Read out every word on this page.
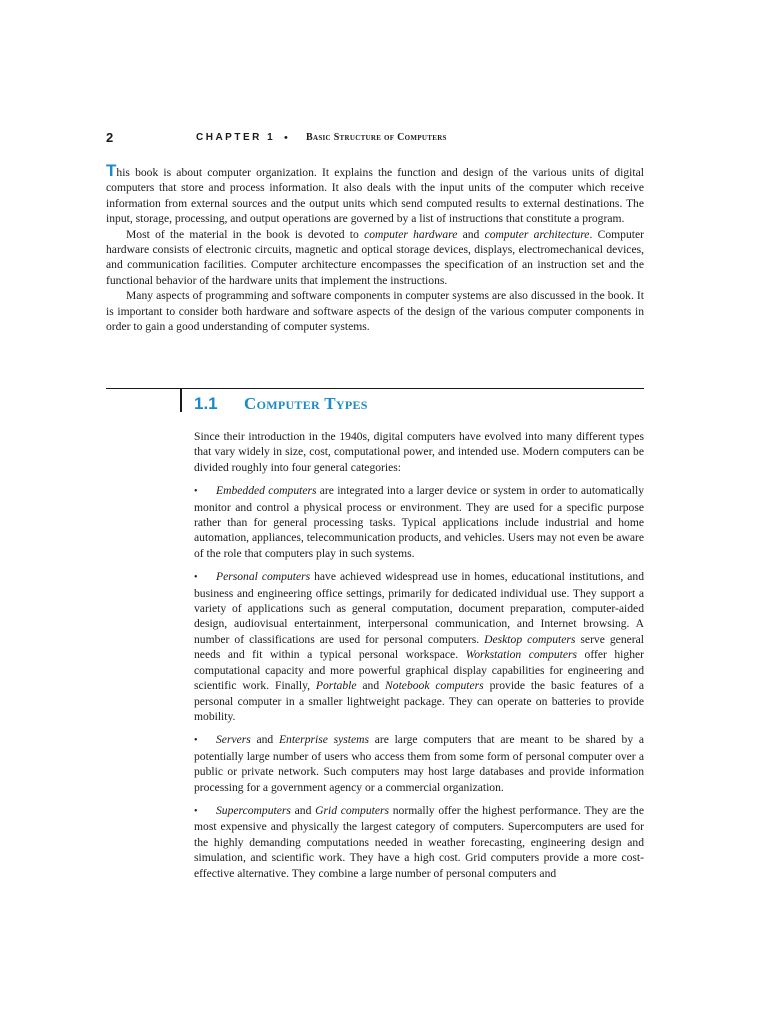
2	CHAPTER 1 • Basic Structure of Computers

This book is about computer organization. It explains the function and design of the various units of digital computers that store and process information. It also deals with the input units of the computer which receive information from external sources and the output units which send computed results to external destinations. The input, storage, processing, and output operations are governed by a list of instructions that constitute a program.

Most of the material in the book is devoted to computer hardware and computer architecture. Computer hardware consists of electronic circuits, magnetic and optical storage devices, displays, electromechanical devices, and communication facilities. Computer architecture encompasses the specification of an instruction set and the functional behavior of the hardware units that implement the instructions.

Many aspects of programming and software components in computer systems are also discussed in the book. It is important to consider both hardware and software aspects of the design of the various computer components in order to gain a good understanding of computer systems.

1.1 Computer Types

Since their introduction in the 1940s, digital computers have evolved into many different types that vary widely in size, cost, computational power, and intended use. Modern computers can be divided roughly into four general categories:

• Embedded computers are integrated into a larger device or system in order to automatically monitor and control a physical process or environment. They are used for a specific purpose rather than for general processing tasks. Typical applications include industrial and home automation, appliances, telecommunication products, and vehicles. Users may not even be aware of the role that computers play in such systems.
• Personal computers have achieved widespread use in homes, educational institutions, and business and engineering office settings, primarily for dedicated individual use. They support a variety of applications such as general computation, document preparation, computer-aided design, audiovisual entertainment, interpersonal communication, and Internet browsing. A number of classifications are used for personal computers. Desktop computers serve general needs and fit within a typical personal workspace. Workstation computers offer higher computational capacity and more powerful graphical display capabilities for engineering and scientific work. Finally, Portable and Notebook computers provide the basic features of a personal computer in a smaller lightweight package. They can operate on batteries to provide mobility.
• Servers and Enterprise systems are large computers that are meant to be shared by a potentially large number of users who access them from some form of personal computer over a public or private network. Such computers may host large databases and provide information processing for a government agency or a commercial organization.
• Supercomputers and Grid computers normally offer the highest performance. They are the most expensive and physically the largest category of computers. Supercomputers are used for the highly demanding computations needed in weather forecasting, engineering design and simulation, and scientific work. They have a high cost. Grid computers provide a more cost-effective alternative. They combine a large number of personal computers and
